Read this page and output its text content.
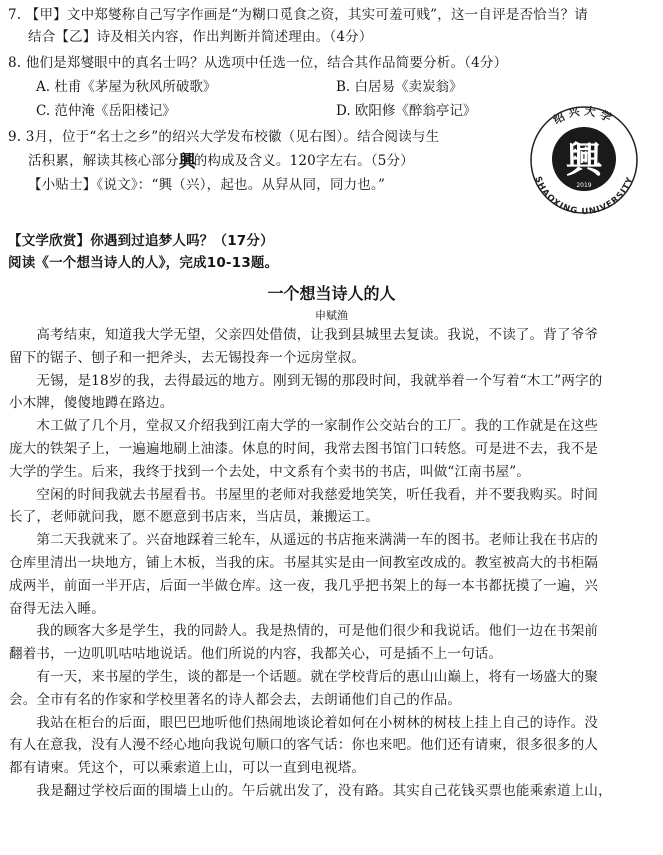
7. 【甲】文中郑燮称自己写字作画是“为糊口觅食之资，其实可羞可贱”，这一自评是否恰当？请
结合【乙】诗及相关内容，作出判断并简述理由。（4分）
8. 他们是郑燮眼中的真名士吗？从选项中任选一位，结合其作品简要分析。（4分）
A. 杜甫《茅屋为秋风所破歌》	B. 白居易《卖炭翁》
C. 范仲淹《岳阳楼记》	D. 欧阳修《醉翁亭记》
9. 3月，位于“名士之乡”的绍兴大学发布校徽（见右图）。结合阅读与生
活积累，解读其核心部分興的构成及含义。120字左右。（5分）
【小贴士】《说文》：“興（兴），起也。从舁从同，同力也。”
绍兴大学
SHAOXING UNIVERSITY
興
2019
【文学欣赏】你遇到过追梦人吗？（17分）
阅读《一个想当诗人的人》，完成10-13题。
一个想当诗人的人
申赋渔
　　高考结束，知道我大学无望，父亲四处借债，让我到县城里去复读。我说，不读了。背了爷爷
留下的锯子、刨子和一把斧头，去无锡投奔一个远房堂叔。
　　无锡，是18岁的我，去得最远的地方。刚到无锡的那段时间，我就举着一个写着“木工”两字的
小木牌，傻傻地蹲在路边。
　　木工做了几个月，堂叔又介绍我到江南大学的一家制作公交站台的工厂。我的工作就是在这些
庞大的铁架子上，一遍遍地刷上油漆。休息的时间，我常去图书馆门口转悠。可是进不去，我不是
大学的学生。后来，我终于找到一个去处，中文系有个卖书的书店，叫做“江南书屋”。
　　空闲的时间我就去书屋看书。书屋里的老师对我慈爱地笑笑，听任我看，并不要我购买。时间
长了，老师就问我，愿不愿意到书店来，当店员，兼搬运工。
　　第二天我就来了。兴奋地踩着三轮车，从遥远的书店拖来满满一车的图书。老师让我在书店的
仓库里清出一块地方，铺上木板，当我的床。书屋其实是由一间教室改成的。教室被高大的书柜隔
成两半，前面一半开店，后面一半做仓库。这一夜，我几乎把书架上的每一本书都抚摸了一遍，兴
奋得无法入睡。
　　我的顾客大多是学生，我的同龄人。我是热情的，可是他们很少和我说话。他们一边在书架前
翻着书，一边叽叽咕咕地说话。他们所说的内容，我都关心，可是插不上一句话。
　　有一天，来书屋的学生，谈的都是一个话题。就在学校背后的惠山山巅上，将有一场盛大的聚
会。全市有名的作家和学校里著名的诗人都会去，去朗诵他们自己的作品。
　　我站在柜台的后面，眼巴巴地听他们热闹地谈论着如何在小树林的树枝上挂上自己的诗作。没
有人在意我，没有人漫不经心地向我说句顺口的客气话：你也来吧。他们还有请柬，很多很多的人
都有请柬。凭这个，可以乘索道上山，可以一直到电视塔。
　　我是翻过学校后面的围墙上山的。午后就出发了，没有路。其实自己花钱买票也能乘索道上山，
